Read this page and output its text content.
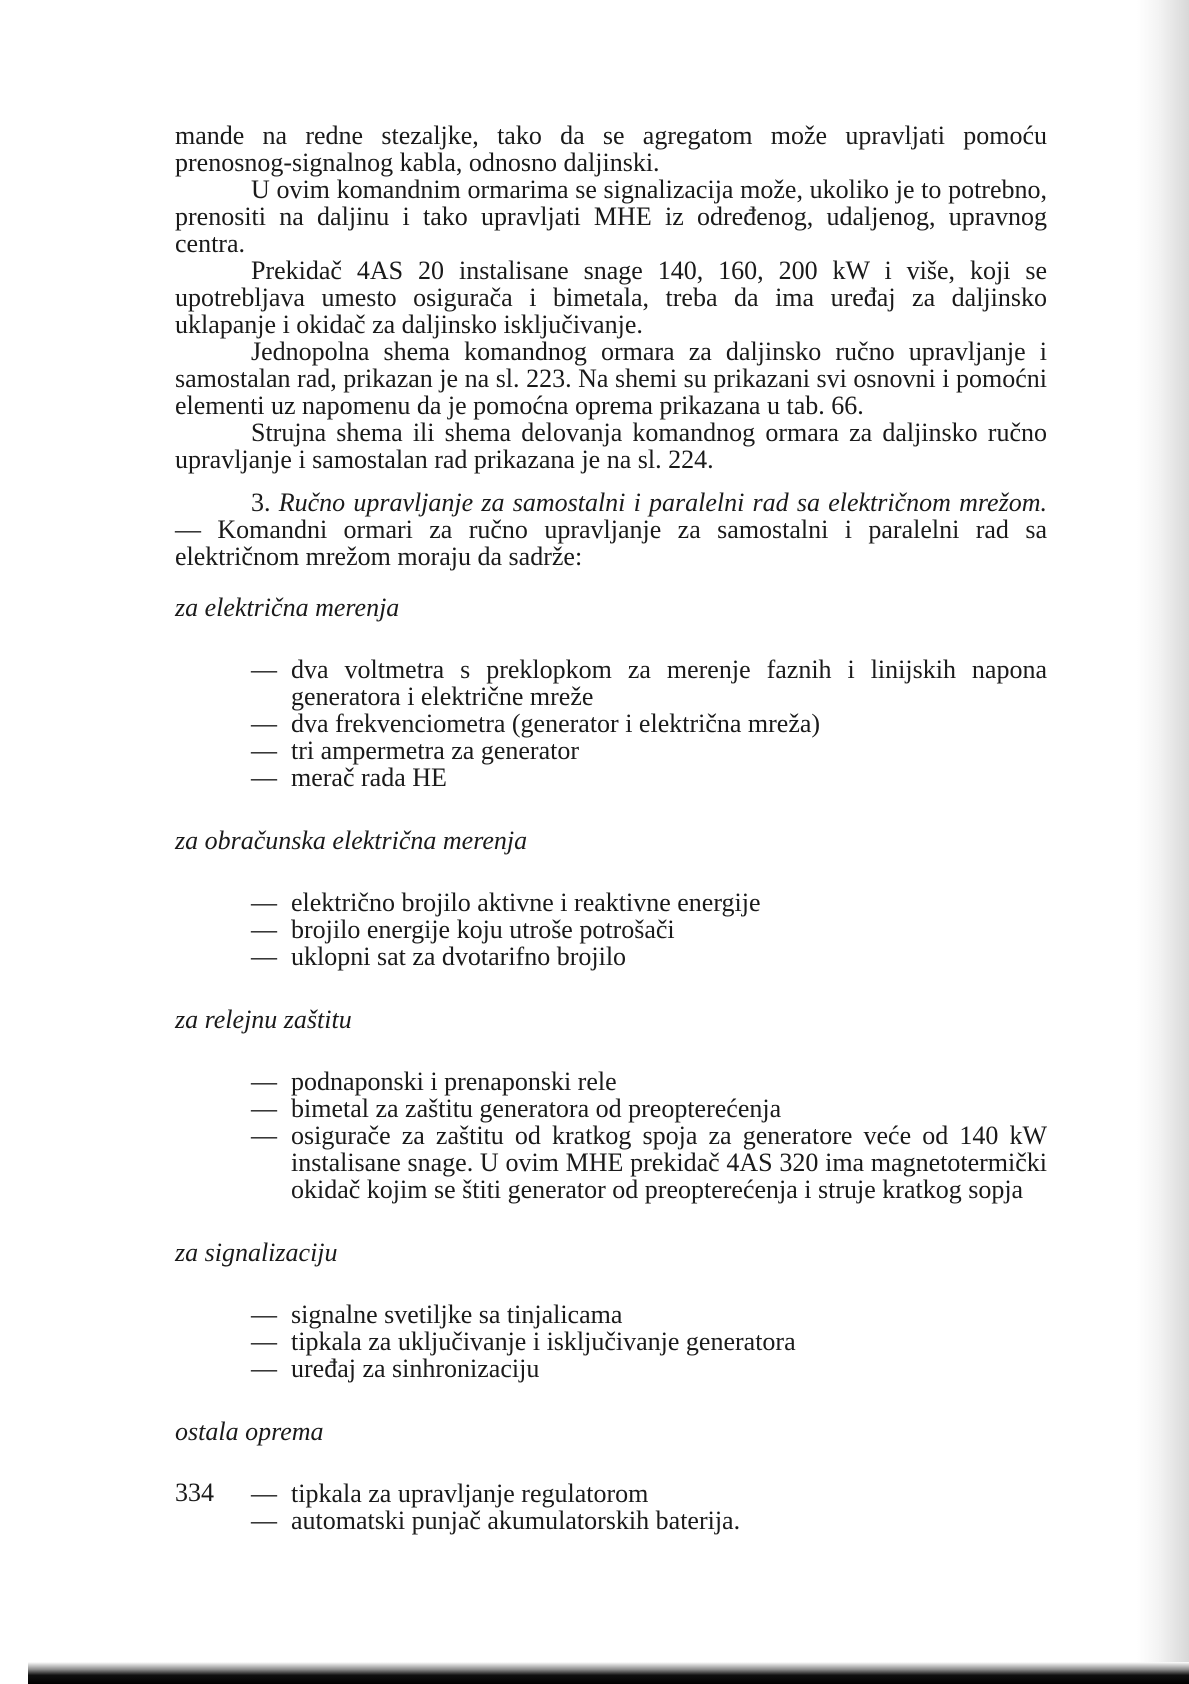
mande na redne stezaljke, tako da se agregatom može upravljati pomoću prenosnog-signalnog kabla, odnosno daljinski.

U ovim komandnim ormarima se signalizacija može, ukoliko je to potrebno, prenositi na daljinu i tako upravljati MHE iz određenog, udaljenog, upravnog centra.

Prekidač 4AS 20 instalisane snage 140, 160, 200 kW i više, koji se upotrebljava umesto osigurača i bimetala, treba da ima uređaj za daljinsko uklapanje i okidač za daljinsko isključivanje.

Jednopolna shema komandnog ormara za daljinsko ručno upravljanje i samostalan rad, prikazan je na sl. 223. Na shemi su prikazani svi osnovni i pomoćni elementi uz napomenu da je pomoćna oprema prikazana u tab. 66.

Strujna shema ili shema delovanja komandnog ormara za daljinsko ručno upravljanje i samostalan rad prikazana je na sl. 224.

3. Ručno upravljanje za samostalni i paralelni rad sa električnom mrežom. — Komandni ormari za ručno upravljanje za samostalni i paralelni rad sa električnom mrežom moraju da sadrže:

za električna merenja
— dva voltmetra s preklopkom za merenje faznih i linijskih napona generatora i električne mreže
— dva frekvenciometra (generator i električna mreža)
— tri ampermetra za generator
— merač rada HE
za obračunska električna merenja
— električno brojilo aktivne i reaktivne energije
— brojilo energije koju utroše potrošači
— uklopni sat za dvotarifno brojilo
za relejnu zaštitu
— podnaponski i prenaponski rele
— bimetal za zaštitu generatora od preopterećenja
— osigurače za zaštitu od kratkog spoja za generatore veće od 140 kW instalisane snage. U ovim MHE prekidač 4AS 320 ima magnetotermički okidač kojim se štiti generator od preopterećenja i struje kratkog sopja
za signalizaciju
— signalne svetiljke sa tinjalicama
— tipkala za uključivanje i isključivanje generatora
— uređaj za sinhronizaciju
ostala oprema
— tipkala za upravljanje regulatorom
— automatski punjač akumulatorskih baterija.
334
